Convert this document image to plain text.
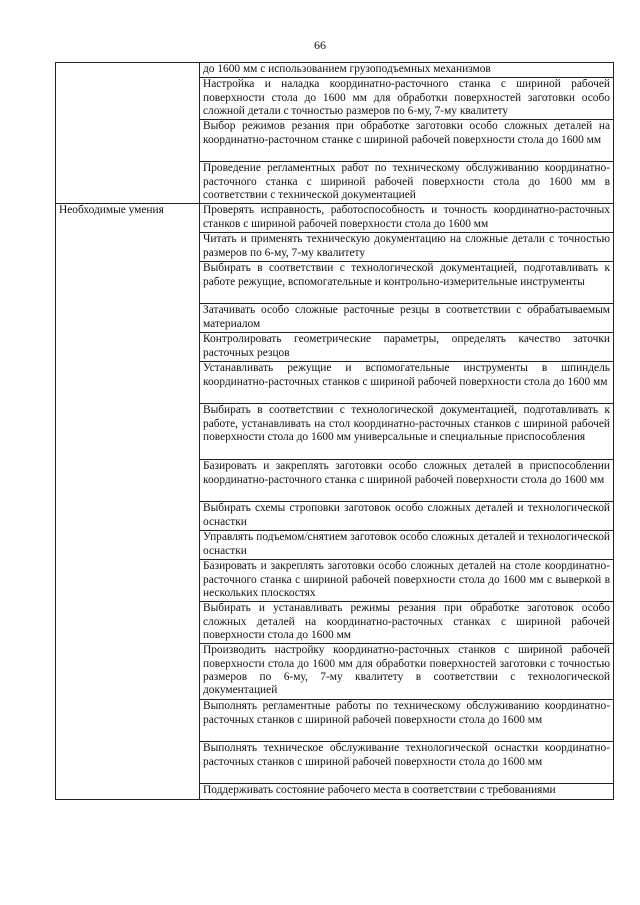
66
	до 1600 мм с использованием грузоподъемных механизмов
	Настройка и наладка координатно-расточного станка с шириной рабочей поверхности стола до 1600 мм для обработки поверхностей заготовки особо сложной детали с точностью размеров по 6-му, 7-му квалитету
	Выбор режимов резания при обработке заготовки особо сложных деталей на координатно-расточном станке с шириной рабочей поверхности стола до 1600 мм
	Проведение регламентных работ по техническому обслуживанию координатно-расточного станка с шириной рабочей поверхности стола до 1600 мм в соответствии с технической документацией
Необходимые умения	Проверять исправность, работоспособность и точность координатно-расточных станков с шириной рабочей поверхности стола до 1600 мм
	Читать и применять техническую документацию на сложные детали с точностью размеров по 6-му, 7-му квалитету
	Выбирать в соответствии с технологической документацией, подготавливать к работе режущие, вспомогательные и контрольно-измерительные инструменты
	Затачивать особо сложные расточные резцы в соответствии с обрабатываемым материалом
	Контролировать геометрические параметры, определять качество заточки расточных резцов
	Устанавливать режущие и вспомогательные инструменты в шпиндель координатно-расточных станков с шириной рабочей поверхности стола до 1600 мм
	Выбирать в соответствии с технологической документацией, подготавливать к работе, устанавливать на стол координатно-расточных станков с шириной рабочей поверхности стола до 1600 мм универсальные и специальные приспособления
	Базировать и закреплять заготовки особо сложных деталей в приспособлении координатно-расточного станка с шириной рабочей поверхности стола до 1600 мм
	Выбирать схемы строповки заготовок особо сложных деталей и технологической оснастки
	Управлять подъемом/снятием заготовок особо сложных деталей и технологической оснастки
	Базировать и закреплять заготовки особо сложных деталей на столе координатно-расточного станка с шириной рабочей поверхности стола до 1600 мм с выверкой в нескольких плоскостях
	Выбирать и устанавливать режимы резания при обработке заготовок особо сложных деталей на координатно-расточных станках с шириной рабочей поверхности стола до 1600 мм
	Производить настройку координатно-расточных станков с шириной рабочей поверхности стола до 1600 мм для обработки поверхностей заготовки с точностью размеров по 6-му, 7-му квалитету в соответствии с технологической документацией
	Выполнять регламентные работы по техническому обслуживанию координатно-расточных станков с шириной рабочей поверхности стола до 1600 мм
	Выполнять техническое обслуживание технологической оснастки координатно-расточных станков с шириной рабочей поверхности стола до 1600 мм
	Поддерживать состояние рабочего места в соответствии с требованиями
